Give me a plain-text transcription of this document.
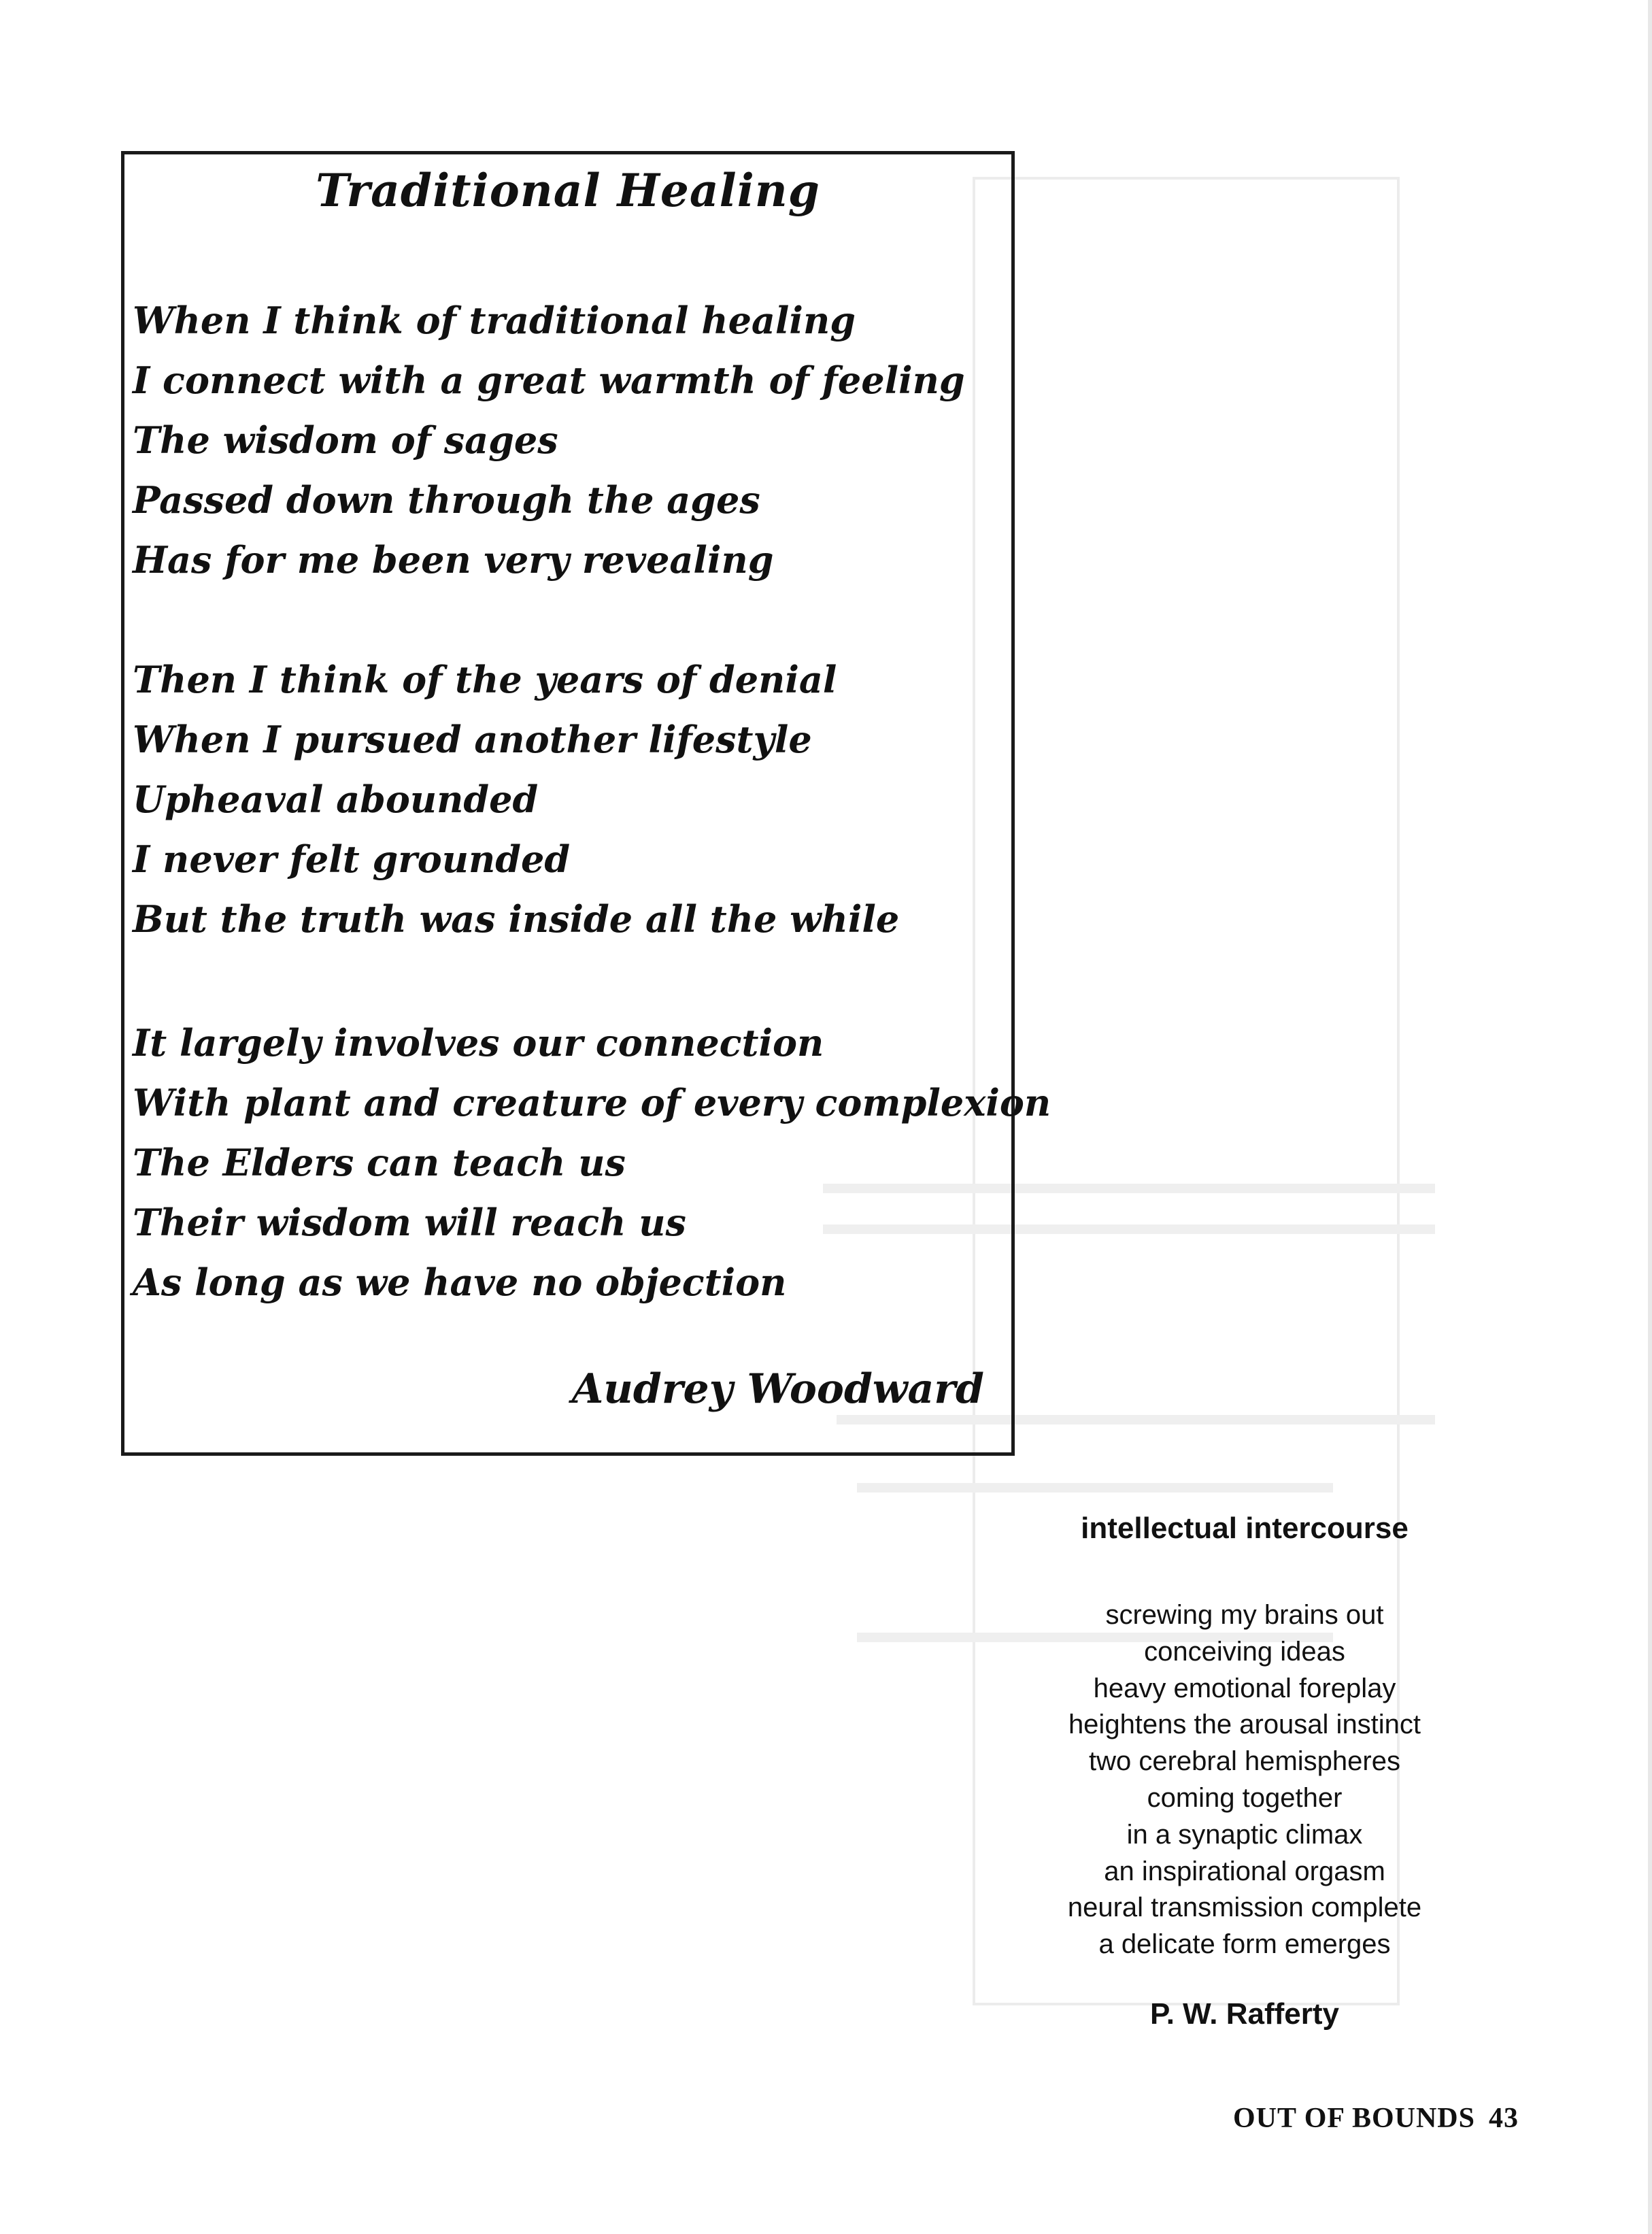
Traditional Healing
When I think of traditional healing
I connect with a great warmth of feeling
The wisdom of sages
Passed down through the ages
Has for me been very revealing
Then I think of the years of denial
When I pursued another lifestyle
Upheaval abounded
I never felt grounded
But the truth was inside all the while
It largely involves our connection
With plant and creature of every complexion
The Elders can teach us
Their wisdom will reach us
As long as we have no objection
Audrey Woodward
intellectual intercourse
screwing my brains out
conceiving ideas
heavy emotional foreplay
heightens the arousal instinct
two cerebral hemispheres
coming together
in a synaptic climax
an inspirational orgasm
neural transmission complete
a delicate form emerges
P. W. Rafferty
OUT OF BOUNDS 43
